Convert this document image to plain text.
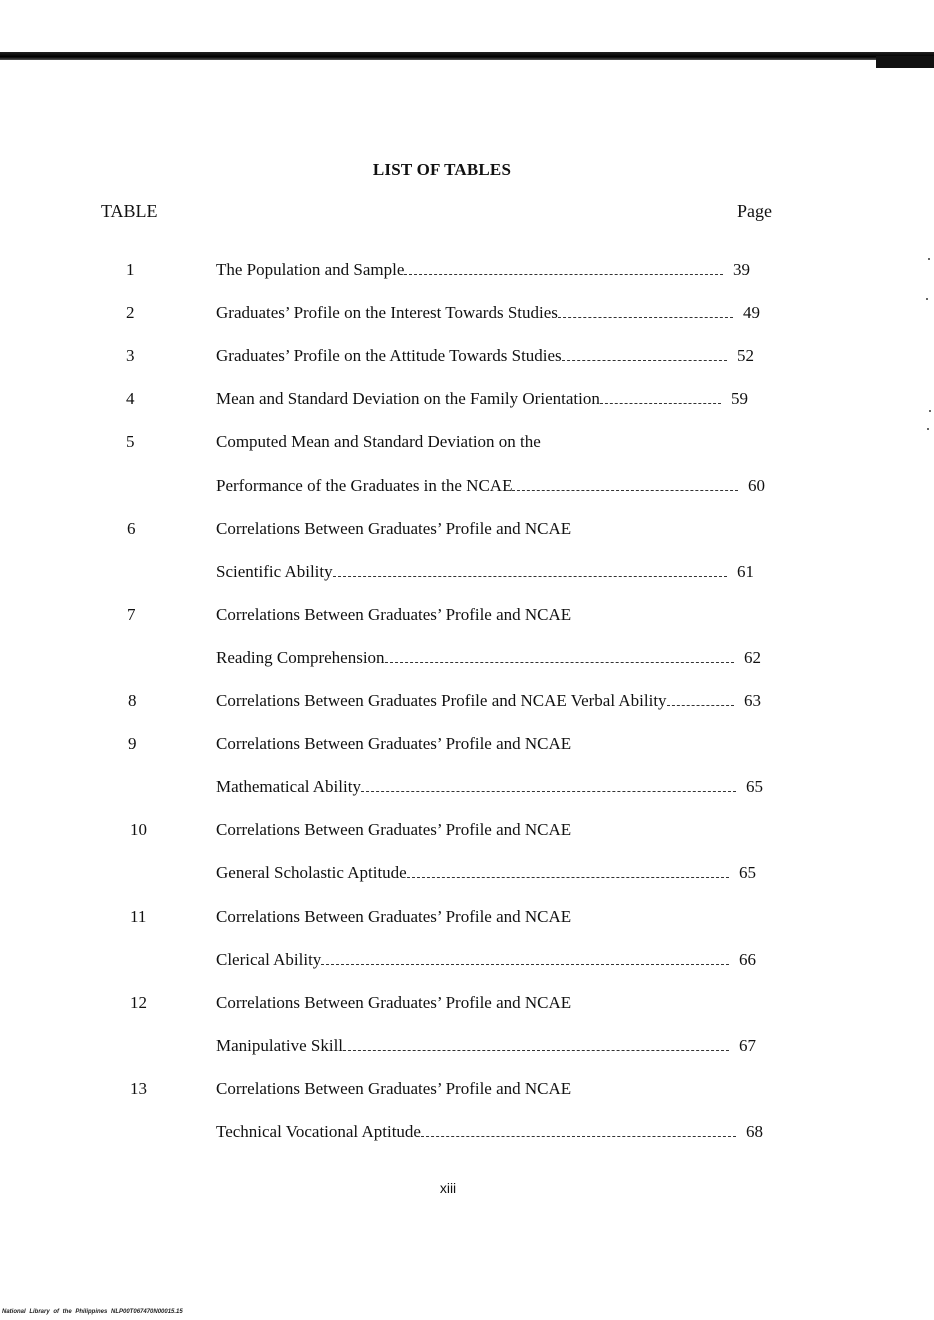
LIST OF TABLES
TABLE	Page
1	The Population and Sample	39
2	Graduates’ Profile on the Interest Towards Studies	49
3	Graduates’ Profile on the Attitude Towards Studies	52
4	Mean and Standard Deviation on the Family Orientation	59
5	Computed Mean and Standard Deviation on the
Performance of the Graduates in the NCAE	60
6	Correlations Between Graduates’ Profile and NCAE
Scientific Ability	61
7	Correlations Between Graduates’ Profile and NCAE
Reading Comprehension	62
8	Correlations Between Graduates Profile and NCAE Verbal Ability	63
9	Correlations Between Graduates’ Profile and NCAE
Mathematical Ability	65
10	Correlations Between Graduates’ Profile and NCAE
General Scholastic Aptitude	65
11	Correlations Between Graduates’ Profile and NCAE
Clerical Ability	66
12	Correlations Between Graduates’ Profile and NCAE
Manipulative Skill	67
13	Correlations Between Graduates’ Profile and NCAE
Technical Vocational Aptitude	68
xiii
National Library of the Philippines NLP00T067470N00015.15
